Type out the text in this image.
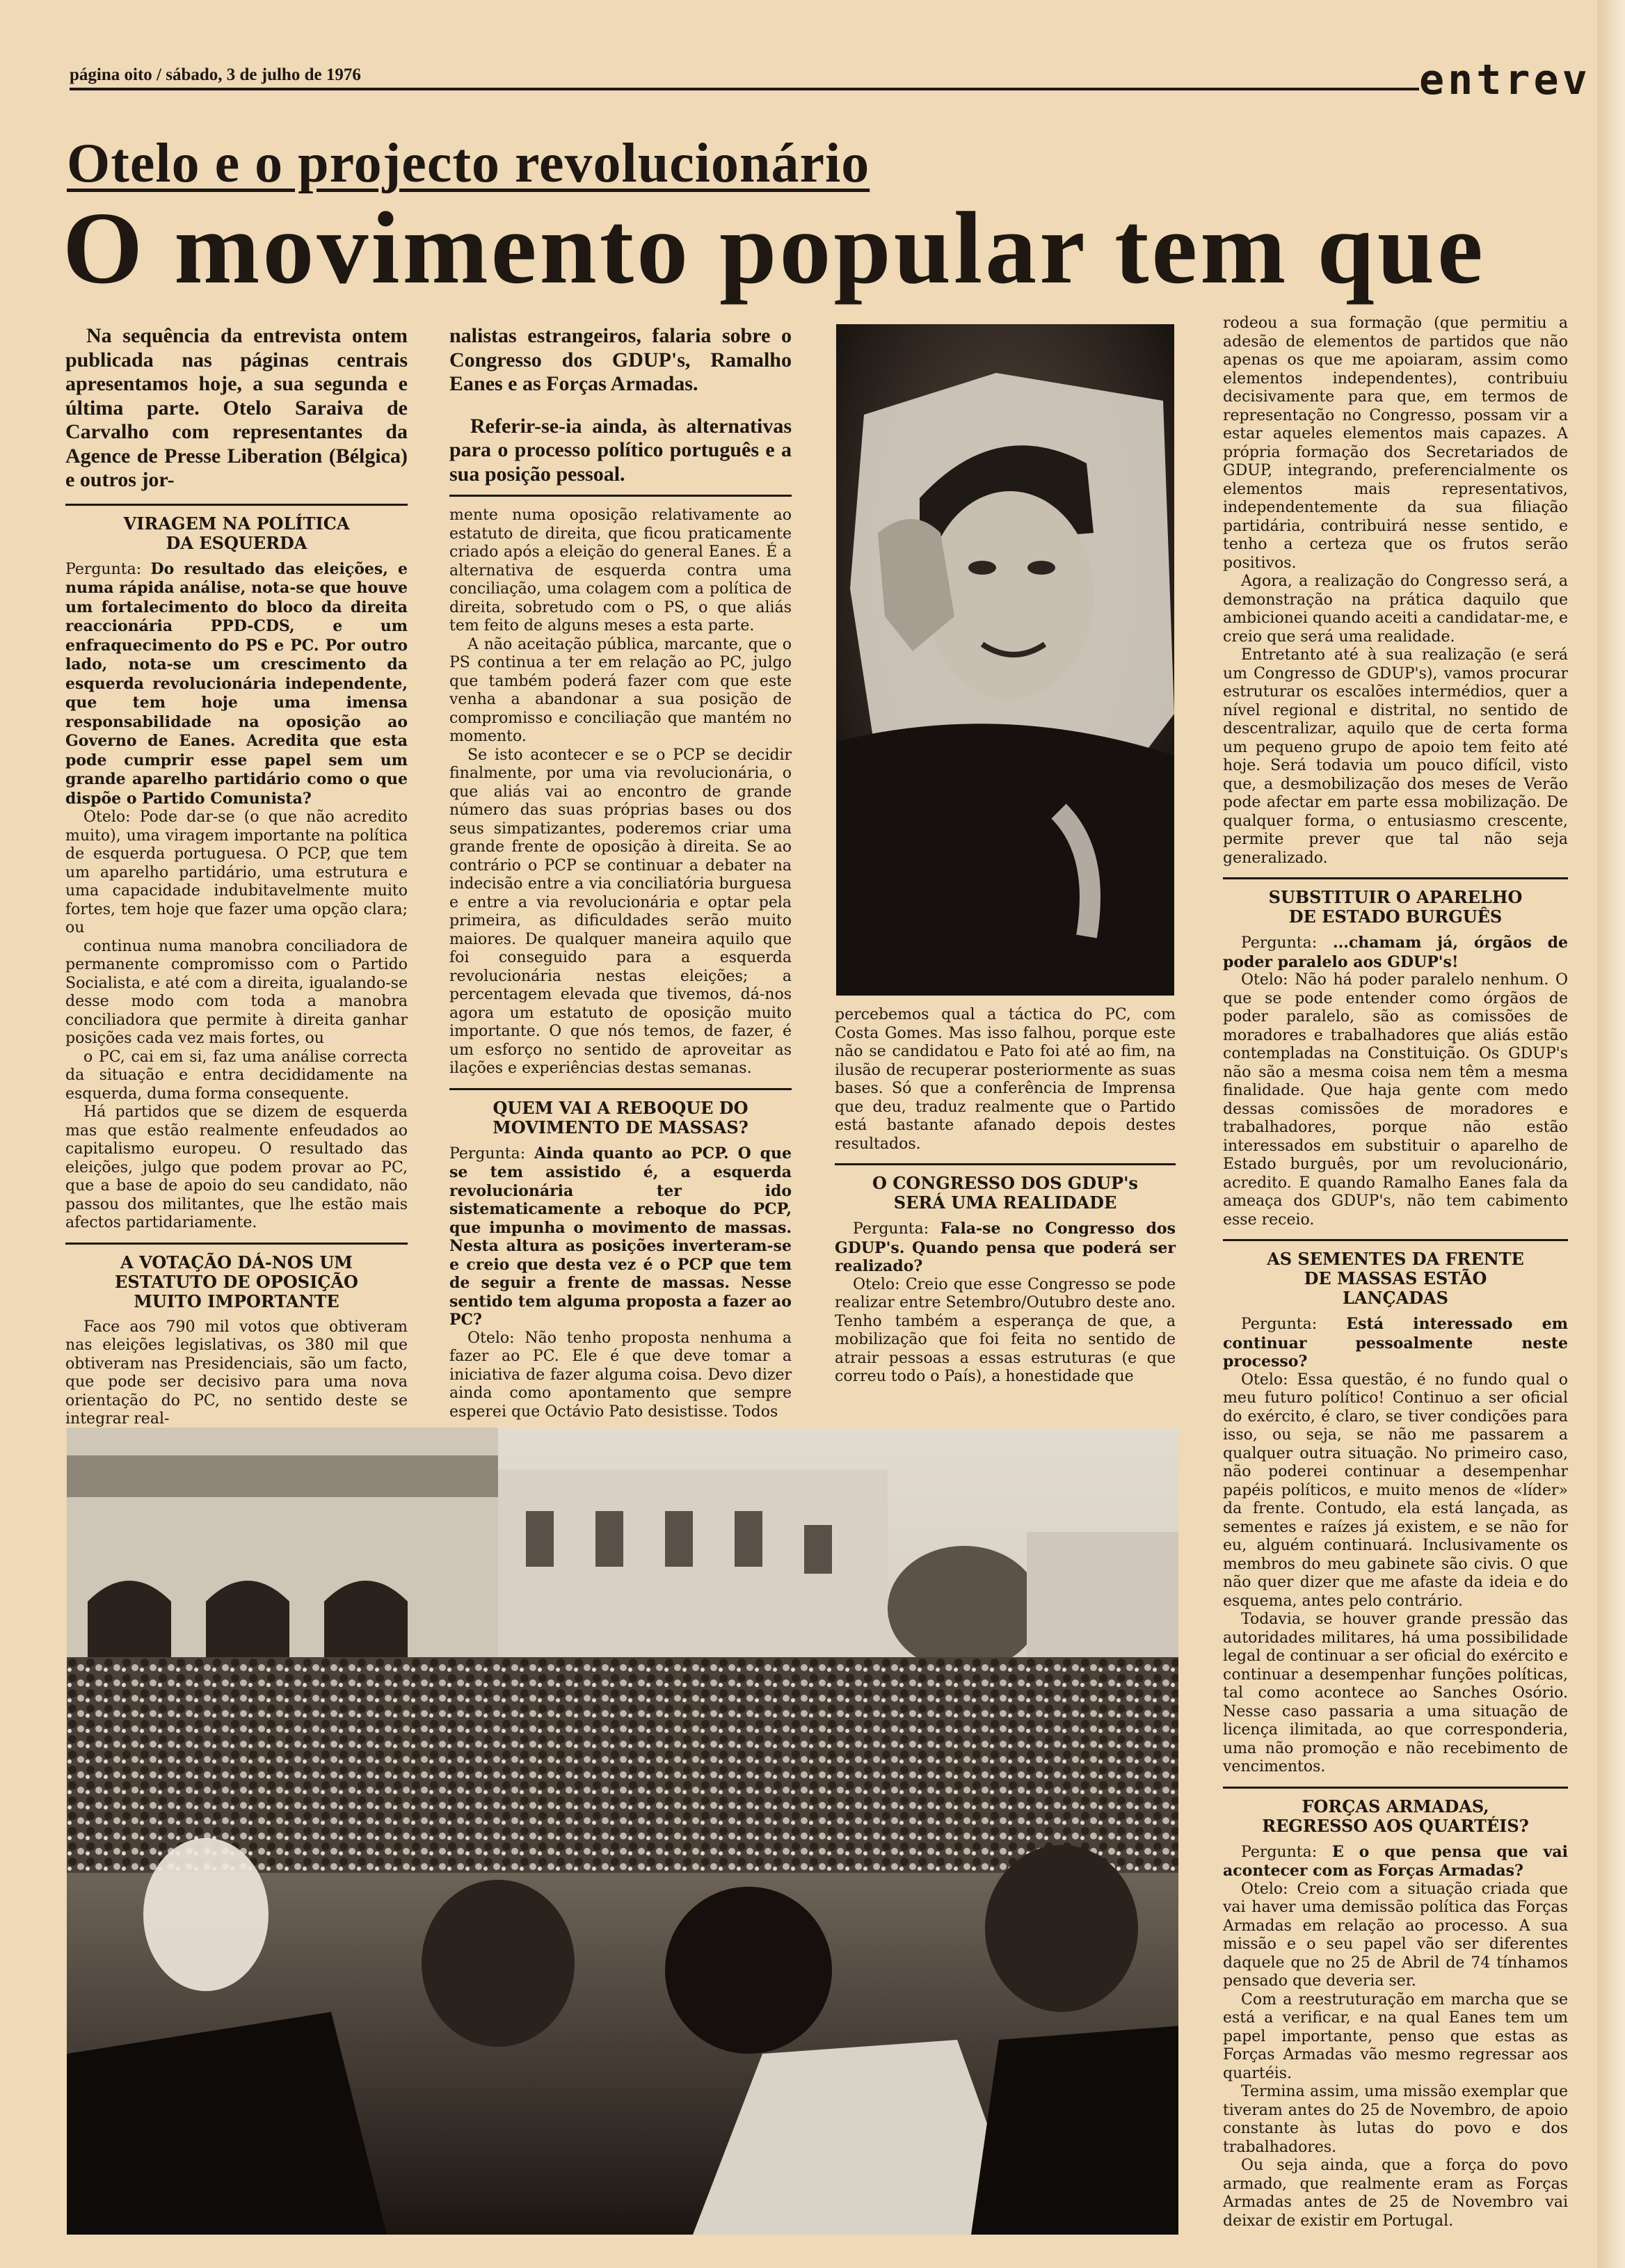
página oito / sábado, 3 de julho de 1976	entrev
Otelo e o projecto revolucionário
O movimento popular tem que

Na sequência da entrevista ontem publicada nas páginas centrais apresentamos hoje, a sua segunda e última parte. Otelo Saraiva de Carvalho com representantes da Agence de Presse Liberation (Bélgica) e outros jor-

VIRAGEM NA POLÍTICA DA ESQUERDA

Pergunta: Do resultado das eleições, e numa rápida análise, nota-se que houve um fortalecimento do bloco da direita reaccionária PPD-CDS, e um enfraquecimento do PS e PC. Por outro lado, nota-se um crescimento da esquerda revolucionária independente, que tem hoje uma imensa responsabilidade na oposição ao Governo de Eanes. Acredita que esta pode cumprir esse papel sem um grande aparelho partidário como o que dispõe o Partido Comunista?

Otelo: Pode dar-se (o que não acredito muito), uma viragem importante na política de esquerda portuguesa. O PCP, que tem um aparelho partidário, uma estrutura e uma capacidade indubitavelmente muito fortes, tem hoje que fazer uma opção clara; ou

continua numa manobra conciliadora de permanente compromisso com o Partido Socialista, e até com a direita, igualando-se desse modo com toda a manobra conciliadora que permite à direita ganhar posições cada vez mais fortes, ou

o PC, cai em si, faz uma análise correcta da situação e entra decididamente na esquerda, duma forma consequente.

Há partidos que se dizem de esquerda mas que estão realmente enfeudados ao capitalismo europeu. O resultado das eleições, julgo que podem provar ao PC, que a base de apoio do seu candidato, não passou dos militantes, que lhe estão mais afectos partidariamente.

A VOTAÇÃO DÁ-NOS UM ESTATUTO DE OPOSIÇÃO MUITO IMPORTANTE

Face aos 790 mil votos que obtiveram nas eleições legislativas, os 380 mil que obtiveram nas Presidenciais, são um facto, que pode ser decisivo para uma nova orientação do PC, no sentido deste se integrar real-

nalistas estrangeiros, falaria sobre o Congresso dos GDUP's, Ramalho Eanes e as Forças Armadas.

Referir-se-ia ainda, às alternativas para o processo político português e a sua posição pessoal.

mente numa oposição relativamente ao estatuto de direita, que ficou praticamente criado após a eleição do general Eanes. É a alternativa de esquerda contra uma conciliação, uma colagem com a política de direita, sobretudo com o PS, o que aliás tem feito de alguns meses a esta parte.

A não aceitação pública, marcante, que o PS continua a ter em relação ao PC, julgo que também poderá fazer com que este venha a abandonar a sua posição de compromisso e conciliação que mantém no momento.

Se isto acontecer e se o PCP se decidir finalmente, por uma via revolucionária, o que aliás vai ao encontro de grande número das suas próprias bases ou dos seus simpatizantes, poderemos criar uma grande frente de oposição à direita. Se ao contrário o PCP se continuar a debater na indecisão entre a via conciliatória burguesa e entre a via revolucionária e optar pela primeira, as dificuldades serão muito maiores. De qualquer maneira aquilo que foi conseguido para a esquerda revolucionária nestas eleições; a percentagem elevada que tivemos, dá-nos agora um estatuto de oposição muito importante. O que nós temos, de fazer, é um esforço no sentido de aproveitar as ilações e experiências destas semanas.

QUEM VAI A REBOQUE DO MOVIMENTO DE MASSAS?

Pergunta: Ainda quanto ao PCP. O que se tem assistido é, a esquerda revolucionária ter ido sistematicamente a reboque do PCP, que impunha o movimento de massas. Nesta altura as posições inverteram-se e creio que desta vez é o PCP que tem de seguir a frente de massas. Nesse sentido tem alguma proposta a fazer ao PC?

Otelo: Não tenho proposta nenhuma a fazer ao PC. Ele é que deve tomar a iniciativa de fazer alguma coisa. Devo dizer ainda como apontamento que sempre esperei que Octávio Pato desistisse. Todos

percebemos qual a táctica do PC, com Costa Gomes. Mas isso falhou, porque este não se candidatou e Pato foi até ao fim, na ilusão de recuperar posteriormente as suas bases. Só que a conferência de Imprensa que deu, traduz realmente que o Partido está bastante afanado depois destes resultados.

O CONGRESSO DOS GDUP's SERÁ UMA REALIDADE

Pergunta: Fala-se no Congresso dos GDUP's. Quando pensa que poderá ser realizado?

Otelo: Creio que esse Congresso se pode realizar entre Setembro/Outubro deste ano. Tenho também a esperança de que, a mobilização que foi feita no sentido de atrair pessoas a essas estruturas (e que correu todo o País), a honestidade que

rodeou a sua formação (que permitiu a adesão de elementos de partidos que não apenas os que me apoiaram, assim como elementos independentes), contribuiu decisivamente para que, em termos de representação no Congresso, possam vir a estar aqueles elementos mais capazes. A própria formação dos Secretariados de GDUP, integrando, preferencialmente os elementos mais representativos, independentemente da sua filiação partidária, contribuirá nesse sentido, e tenho a certeza que os frutos serão positivos.

Agora, a realização do Congresso será, a demonstração na prática daquilo que ambicionei quando aceiti a candidatar-me, e creio que será uma realidade.

Entretanto até à sua realização (e será um Congresso de GDUP's), vamos procurar estruturar os escalões intermédios, quer a nível regional e distrital, no sentido de descentralizar, aquilo que de certa forma um pequeno grupo de apoio tem feito até hoje. Será todavia um pouco difícil, visto que, a desmobilização dos meses de Verão pode afectar em parte essa mobilização. De qualquer forma, o entusiasmo crescente, permite prever que tal não seja generalizado.

SUBSTITUIR O APARELHO DE ESTADO BURGUÊS

Pergunta: ...chamam já, órgãos de poder paralelo aos GDUP's!

Otelo: Não há poder paralelo nenhum. O que se pode entender como órgãos de poder paralelo, são as comissões de moradores e trabalhadores que aliás estão contempladas na Constituição. Os GDUP's não são a mesma coisa nem têm a mesma finalidade. Que haja gente com medo dessas comissões de moradores e trabalhadores, porque não estão interessados em substituir o aparelho de Estado burguês, por um revolucionário, acredito. E quando Ramalho Eanes fala da ameaça dos GDUP's, não tem cabimento esse receio.

AS SEMENTES DA FRENTE DE MASSAS ESTÃO LANÇADAS

Pergunta: Está interessado em continuar pessoalmente neste processo?

Otelo: Essa questão, é no fundo qual o meu futuro político! Continuo a ser oficial do exército, é claro, se tiver condições para isso, ou seja, se não me passarem a qualquer outra situação. No primeiro caso, não poderei continuar a desempenhar papéis políticos, e muito menos de «líder» da frente. Contudo, ela está lançada, as sementes e raízes já existem, e se não for eu, alguém continuará. Inclusivamente os membros do meu gabinete são civis. O que não quer dizer que me afaste da ideia e do esquema, antes pelo contrário.

Todavia, se houver grande pressão das autoridades militares, há uma possibilidade legal de continuar a ser oficial do exército e continuar a desempenhar funções políticas, tal como acontece ao Sanches Osório. Nesse caso passaria a uma situação de licença ilimitada, ao que corresponderia, uma não promoção e não recebimento de vencimentos.

FORÇAS ARMADAS, REGRESSO AOS QUARTÉIS?

Pergunta: E o que pensa que vai acontecer com as Forças Armadas?

Otelo: Creio com a situação criada que vai haver uma demissão política das Forças Armadas em relação ao processo. A sua missão e o seu papel vão ser diferentes daquele que no 25 de Abril de 74 tínhamos pensado que deveria ser.

Com a reestruturação em marcha que se está a verificar, e na qual Eanes tem um papel importante, penso que estas as Forças Armadas vão mesmo regressar aos quartéis.

Termina assim, uma missão exemplar que tiveram antes do 25 de Novembro, de apoio constante às lutas do povo e dos trabalhadores.

Ou seja ainda, que a força do povo armado, que realmente eram as Forças Armadas antes de 25 de Novembro vai deixar de existir em Portugal.
